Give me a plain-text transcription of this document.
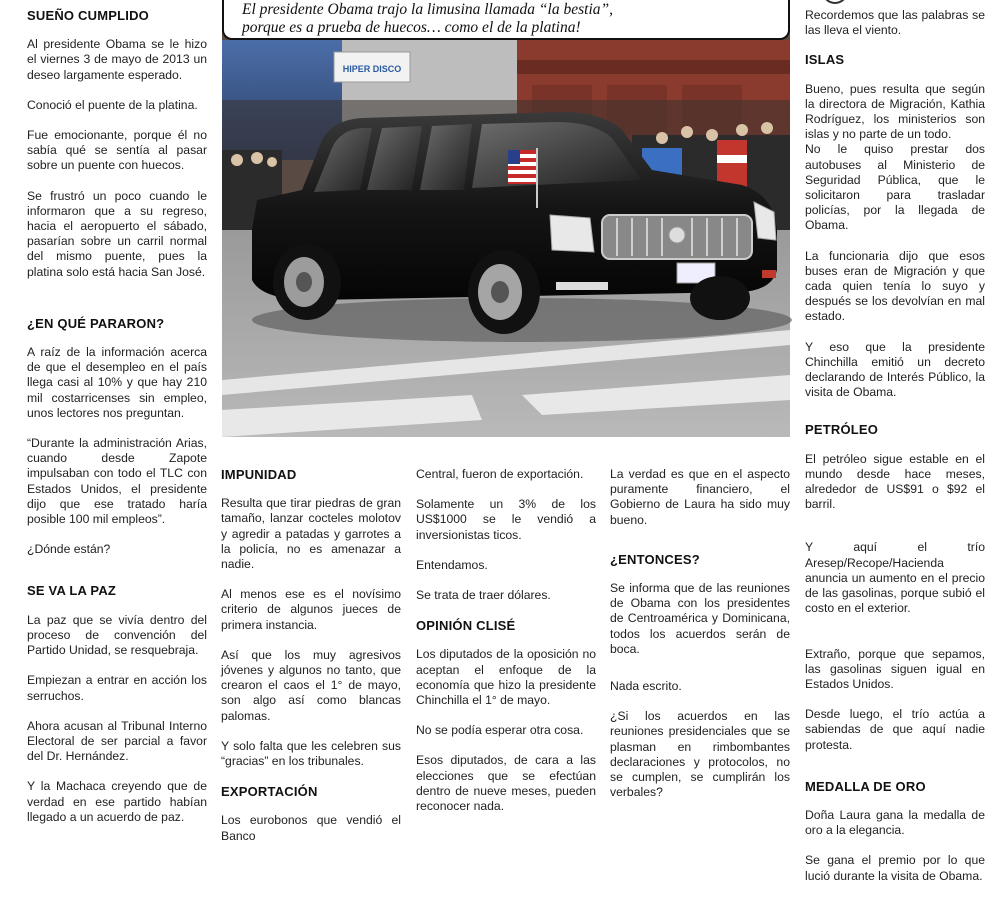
SUEÑO CUMPLIDO

Al presidente Obama se le hizo el viernes 3 de mayo de 2013 un deseo largamente esperado.

Conoció el puente de la platina.

Fue emocionante, porque él no sabía qué se sentía al pasar sobre un puente con huecos.

Se frustró un poco cuando le informaron que a su regreso, hacia el aeropuerto el sábado, pasarían sobre un carril normal del mismo puente, pues la platina solo está hacia San José.

¿EN QUÉ PARARON?

A raíz de la información acerca de que el desempleo en el país llega casi al 10% y que hay 210 mil costarricenses sin empleo, unos lectores nos preguntan.

“Durante la administración Arias, cuando desde Zapote impulsaban con todo el TLC con Estados Unidos, el presidente dijo que ese tratado haría posible 100 mil empleos”.

¿Dónde están?

SE VA LA PAZ

La paz que se vivía dentro del proceso de convención del Partido Unidad, se resquebraja.

Empiezan a entrar en acción los serruchos.

Ahora acusan al Tribunal Interno Electoral de ser parcial a favor del Dr. Hernández.

Y la Machaca creyendo que de verdad en ese partido habían llegado a un acuerdo de paz.

HIPER DISCO

El presidente Obama trajo la limusina llamada “la bestia”,

porque es a prueba de huecos… como el de la platina!

IMPUNIDAD

Resulta que tirar piedras de gran tamaño, lanzar cocteles molotov y agredir a patadas y garrotes a la policía, no es amenazar a nadie.

Al menos ese es el novísimo criterio de algunos jueces de primera instancia.

Así que los muy agresivos jóvenes y algunos no tanto, que crearon el caos el 1° de mayo, son algo así como blancas palomas.

Y solo falta que les celebren sus “gracias” en los tribunales.

EXPORTACIÓN

Los eurobonos que vendió el Banco

Central, fueron de exportación.

Solamente un 3% de los US$1000 se le vendió a inversionistas ticos.

Entendamos.

Se trata de traer dólares.

OPINIÓN CLISÉ

Los diputados de la oposición no aceptan el enfoque de la economía que hizo la presidente Chinchilla el 1° de mayo.

No se podía esperar otra cosa.

Esos diputados, de cara a las elecciones que se efectúan dentro de nueve meses, pueden reconocer nada.

La verdad es que en el aspecto puramente financiero, el Gobierno de Laura ha sido muy bueno.

¿ENTONCES?

Se informa que de las reuniones de Obama con los presidentes de Centroamérica y Dominicana, todos los acuerdos serán de boca.

Nada escrito.

¿Si los acuerdos en las reuniones presidenciales que se plasman en rimbombantes declaraciones y protocolos, no se cumplen, se cumplirán los verbales?

Recordemos que las palabras se las lleva el viento.

ISLAS

Bueno, pues resulta que según la directora de Migración, Kathia Rodríguez, los ministerios son islas y no parte de un todo.

No le quiso prestar dos autobuses al Ministerio de Seguridad Pública, que le solicitaron para trasladar policías, por la llegada de Obama.

La funcionaria dijo que esos buses eran de Migración y que cada quien tenía lo suyo y después se los devolvían en mal estado.

Y eso que la presidente Chinchilla emitió un decreto declarando de Interés Público, la visita de Obama.

PETRÓLEO

El petróleo sigue estable en el mundo desde hace meses, alrededor de US$91 o $92 el barril.

Y aquí el trío Aresep/Recope/Hacienda anuncia un aumento en el precio de las gasolinas, porque subió el costo en el exterior.

Extraño, porque que sepamos, las gasolinas siguen igual en Estados Unidos.

Desde luego, el trío actúa a sabiendas de que aquí nadie protesta.

MEDALLA DE ORO

Doña Laura gana la medalla de oro a la elegancia.

Se gana el premio por lo que lució durante la visita de Obama.
